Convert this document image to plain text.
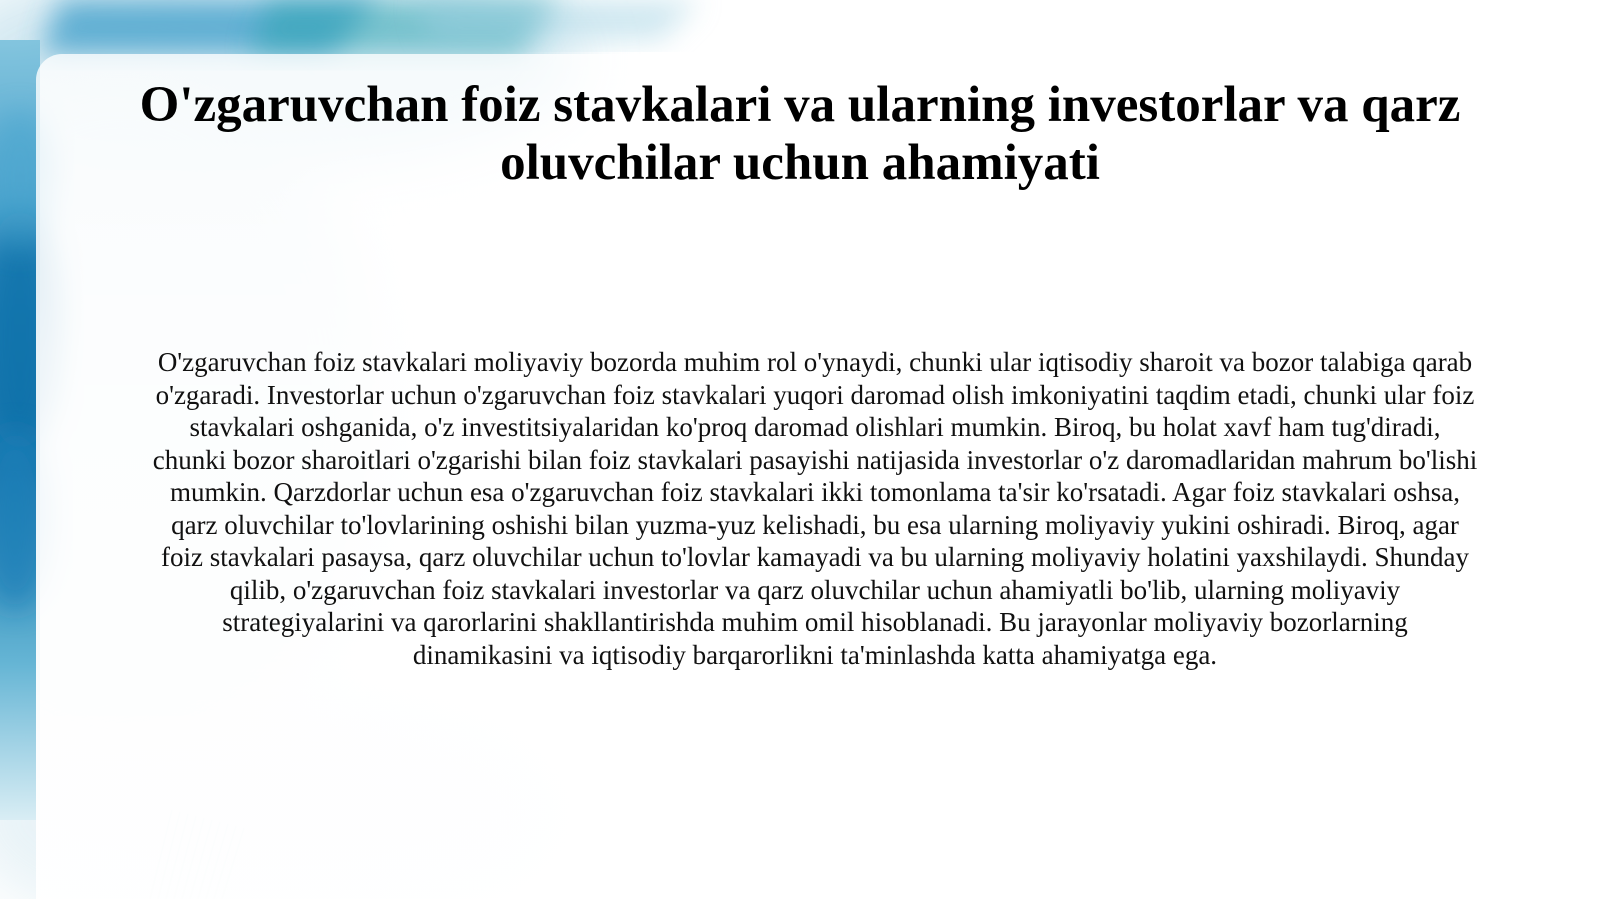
O'zgaruvchan foiz stavkalari va ularning investorlar va qarz oluvchilar uchun ahamiyati

O'zgaruvchan foiz stavkalari moliyaviy bozorda muhim rol o'ynaydi, chunki ular iqtisodiy sharoit va bozor talabiga qarab o'zgaradi. Investorlar uchun o'zgaruvchan foiz stavkalari yuqori daromad olish imkoniyatini taqdim etadi, chunki ular foiz stavkalari oshganida, o'z investitsiyalaridan ko'proq daromad olishlari mumkin. Biroq, bu holat xavf ham tug'diradi, chunki bozor sharoitlari o'zgarishi bilan foiz stavkalari pasayishi natijasida investorlar o'z daromadlaridan mahrum bo'lishi mumkin. Qarzdorlar uchun esa o'zgaruvchan foiz stavkalari ikki tomonlama ta'sir ko'rsatadi. Agar foiz stavkalari oshsa, qarz oluvchilar to'lovlarining oshishi bilan yuzma-yuz kelishadi, bu esa ularning moliyaviy yukini oshiradi. Biroq, agar foiz stavkalari pasaysa, qarz oluvchilar uchun to'lovlar kamayadi va bu ularning moliyaviy holatini yaxshilaydi. Shunday qilib, o'zgaruvchan foiz stavkalari investorlar va qarz oluvchilar uchun ahamiyatli bo'lib, ularning moliyaviy strategiyalarini va qarorlarini shakllantirishda muhim omil hisoblanadi. Bu jarayonlar moliyaviy bozorlarning dinamikasini va iqtisodiy barqarorlikni ta'minlashda katta ahamiyatga ega.
